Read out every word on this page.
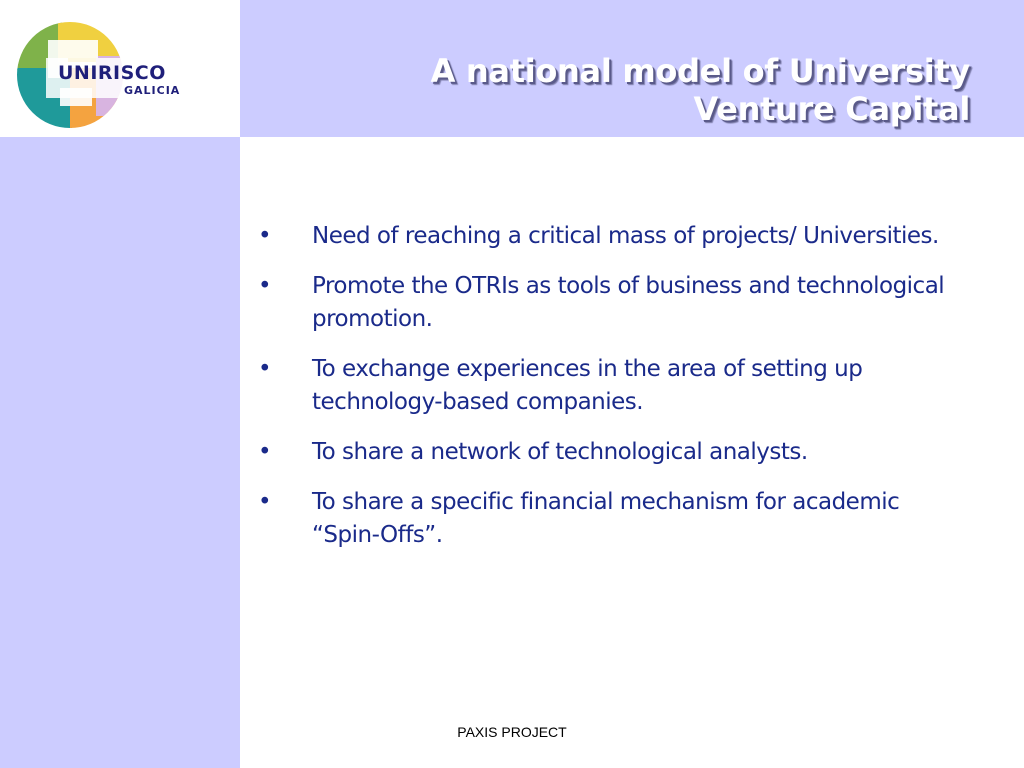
UNIRISCO
GALICIA
A national model of University
Venture Capital
•	Need of reaching a critical mass of projects/ Universities.
•	Promote the OTRIs as tools of business and technological promotion.
•	To exchange experiences in the area of setting up technology-based companies.
•	To share a network of technological analysts.
•	To share a specific financial mechanism for academic “Spin-Offs”.
PAXIS PROJECT
